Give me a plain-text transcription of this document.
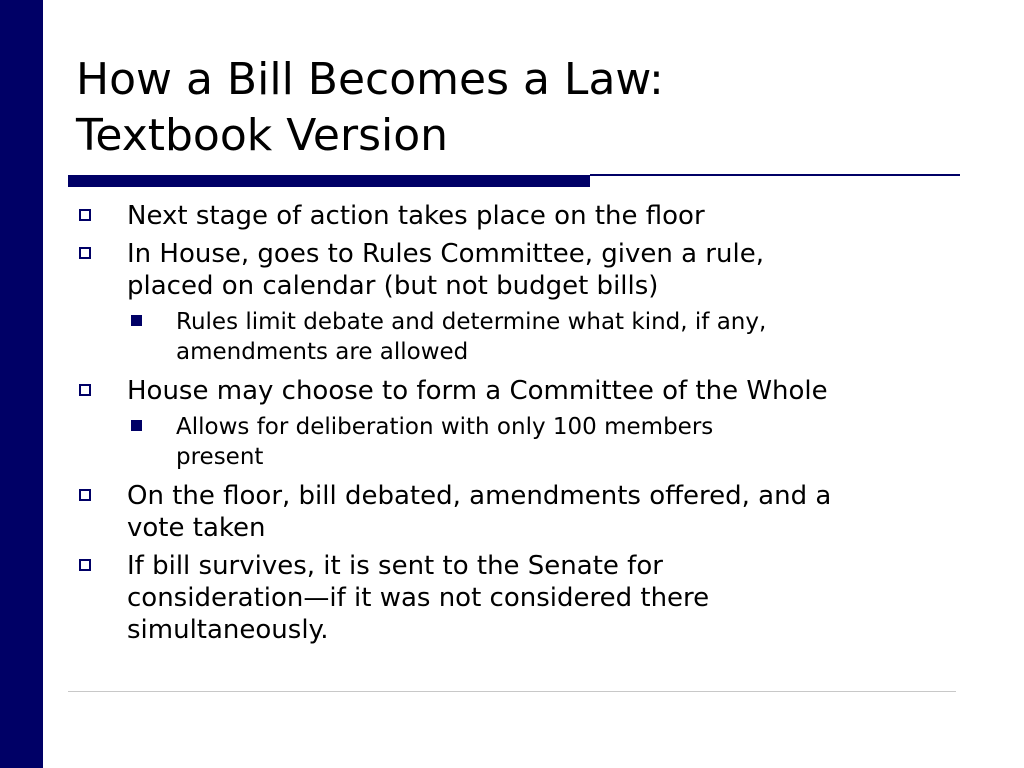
How a Bill Becomes a Law:
Textbook Version
Next stage of action takes place on the floor
In House, goes to Rules Committee, given a rule,
placed on calendar (but not budget bills)
Rules limit debate and determine what kind, if any,
amendments are allowed
House may choose to form a Committee of the Whole
Allows for deliberation with only 100 members
present
On the floor, bill debated, amendments offered, and a
vote taken
If bill survives, it is sent to the Senate for
consideration—if it was not considered there
simultaneously.
